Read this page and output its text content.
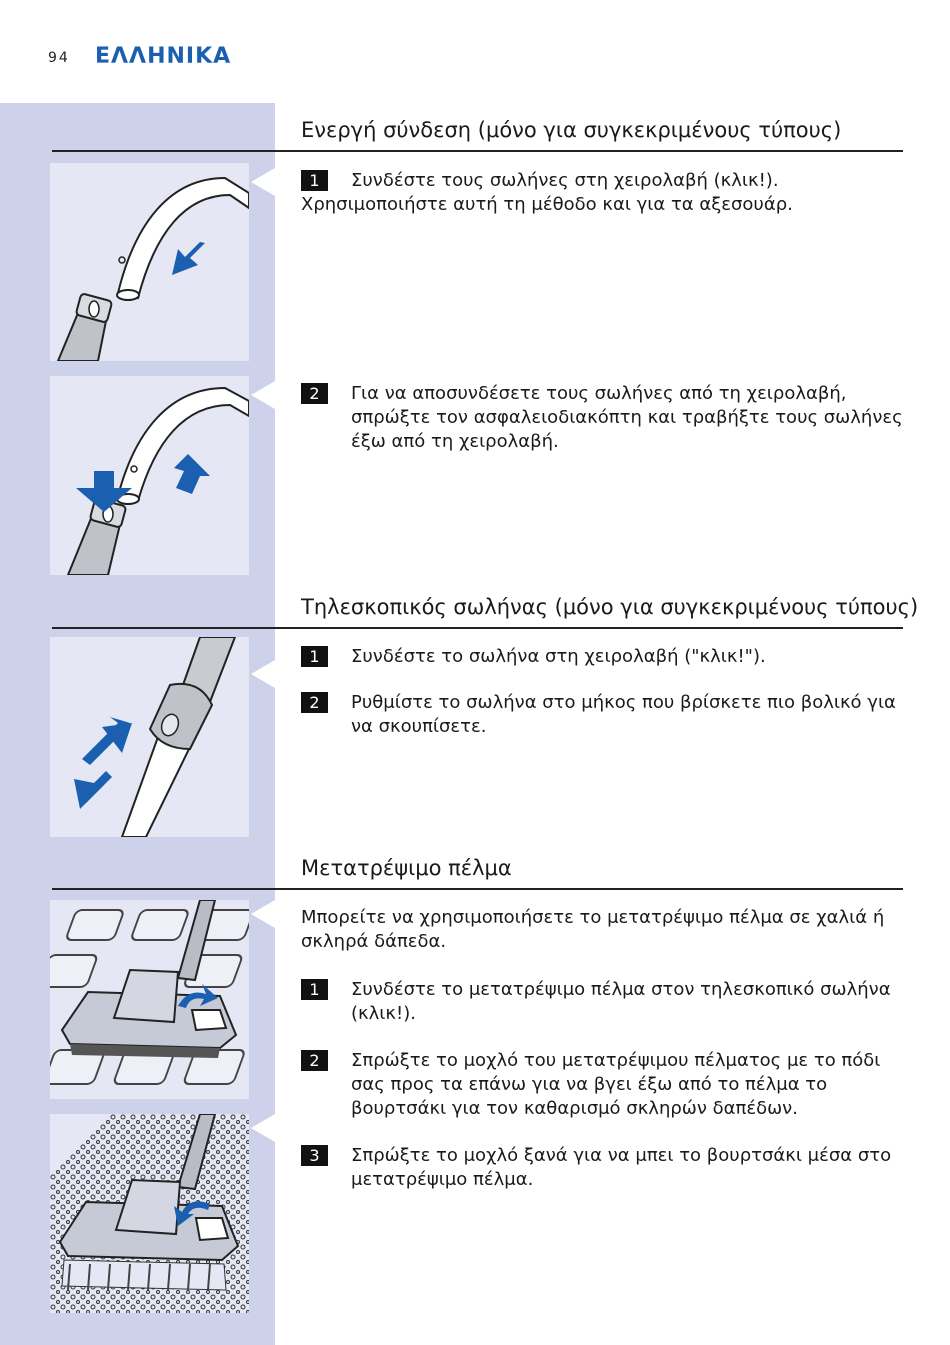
94 ΕΛΛΗΝΙΚΑ
Ενεργή σύνδεση (μόνο για συγκεκριμένους τύπους)
1	Συνδέστε τους σωλήνες στη χειρολαβή (κλικ!). Χρησιμοποιήστε αυτή τη μέθοδο και για τα αξεσουάρ.
2	Για να αποσυνδέσετε τους σωλήνες από τη χειρολαβή, σπρώξτε τον ασφαλειοδιακόπτη και τραβήξτε τους σωλήνες έξω από τη χειρολαβή.
Τηλεσκοπικός σωλήνας (μόνο για συγκεκριμένους τύπους)
1	Συνδέστε το σωλήνα στη χειρολαβή ("κλικ!").
2	Ρυθμίστε το σωλήνα στο μήκος που βρίσκετε πιο βολικό για να σκουπίσετε.
Μετατρέψιμο πέλμα
Μπορείτε να χρησιμοποιήσετε το μετατρέψιμο πέλμα σε χαλιά ή σκληρά δάπεδα.
1	Συνδέστε το μετατρέψιμο πέλμα στον τηλεσκοπικό σωλήνα (κλικ!).
2	Σπρώξτε το μοχλό του μετατρέψιμου πέλματος με το πόδι σας προς τα επάνω για να βγει έξω από το πέλμα το βουρτσάκι για τον καθαρισμό σκληρών δαπέδων.
3	Σπρώξτε το μοχλό ξανά για να μπει το βουρτσάκι μέσα στο μετατρέψιμο πέλμα.
